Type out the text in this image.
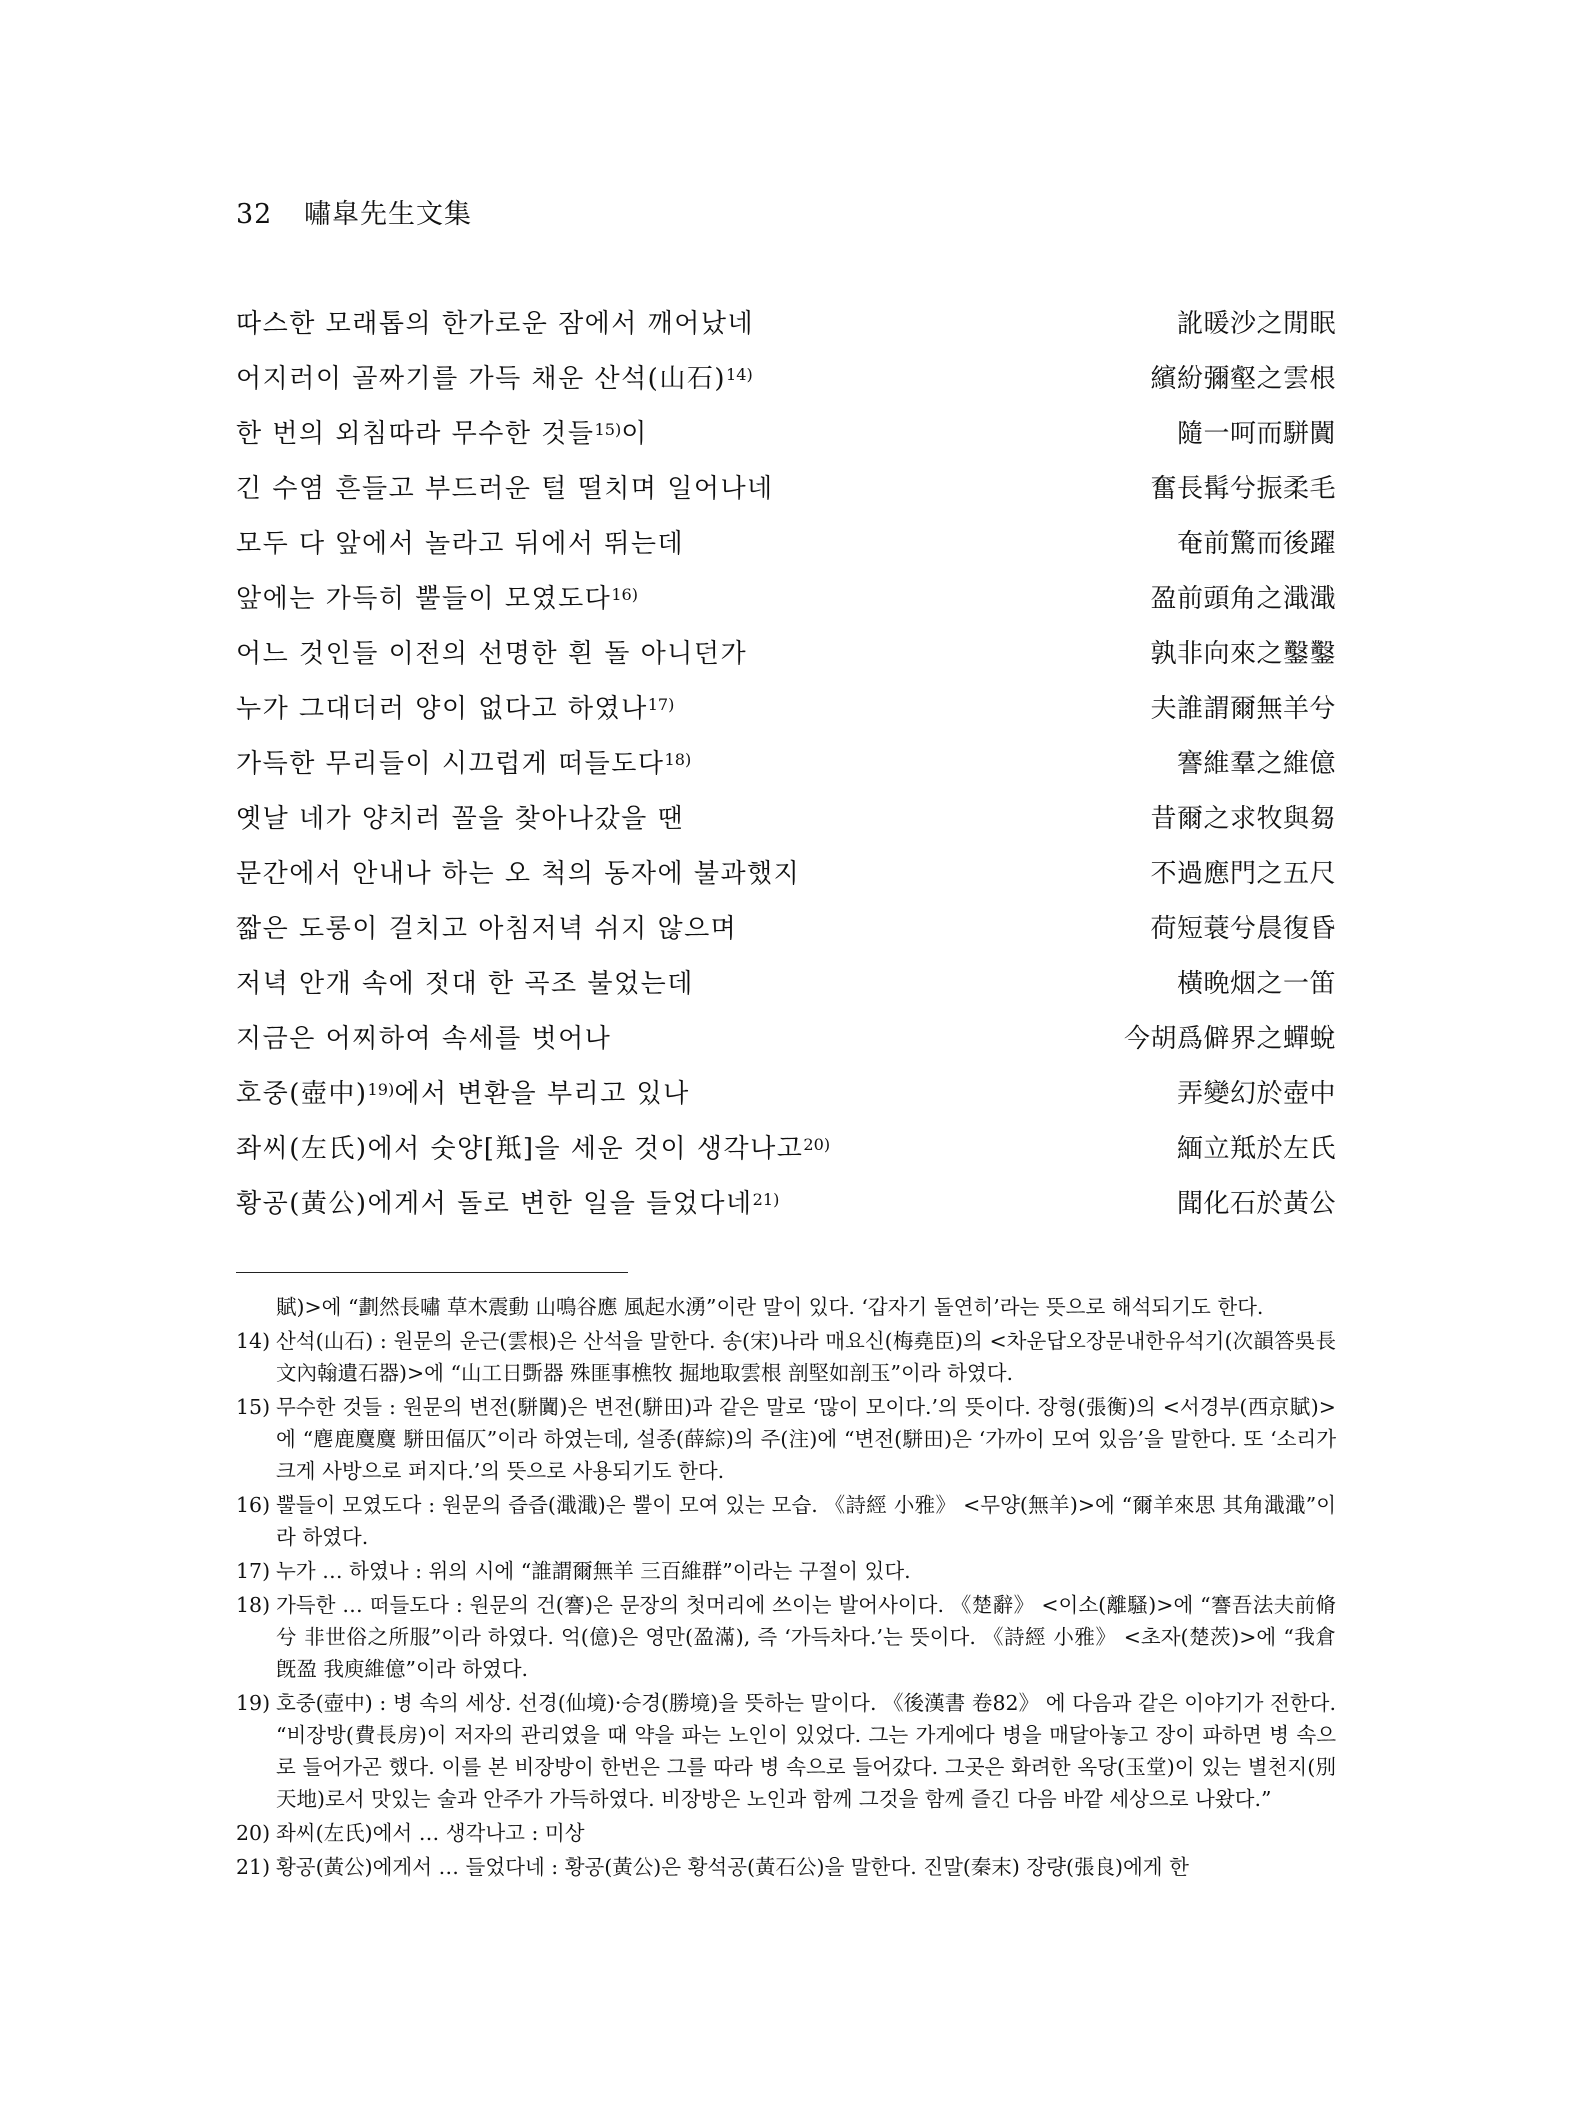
32 嘯皐先生文集
따스한 모래톱의 한가로운 잠에서 깨어났네	訛暖沙之閒眠
어지러이 골짜기를 가득 채운 산석(山石)$^{14)}$	繽紛彌壑之雲根
한 번의 외침따라 무수한 것들$^{15)}$이	隨一呵而駢闐
긴 수염 흔들고 부드러운 털 떨치며 일어나네	奮長髯兮振柔毛
모두 다 앞에서 놀라고 뒤에서 뛰는데	奄前驚而後躍
앞에는 가득히 뿔들이 모였도다$^{16)}$	盈前頭角之濈濈
어느 것인들 이전의 선명한 흰 돌 아니던가	孰非向來之鑿鑿
누가 그대더러 양이 없다고 하였나$^{17)}$	夫誰謂爾無羊兮
가득한 무리들이 시끄럽게 떠들도다$^{18)}$	謇維羣之維億
옛날 네가 양치러 꼴을 찾아나갔을 땐	昔爾之求牧與芻
문간에서 안내나 하는 오 척의 동자에 불과했지	不過應門之五尺
짧은 도롱이 걸치고 아침저녁 쉬지 않으며	荷短蓑兮晨復昏
저녁 안개 속에 젓대 한 곡조 불었는데	橫晩烟之一笛
지금은 어찌하여 속세를 벗어나	今胡爲僻界之蟬蛻
호중(壺中)$^{19)}$에서 변환을 부리고 있나	弄變幻於壺中
좌씨(左氏)에서 숫양[羝]을 세운 것이 생각나고$^{20)}$	緬立羝於左氏
황공(黃公)에게서 돌로 변한 일을 들었다네$^{21)}$	聞化石於黃公
賦)>에 “劃然長嘯 草木震動 山鳴谷應 風起水湧”이란 말이 있다. ‘갑자기 돌연히’라는 뜻으로 해석되기도 한다.
14) 산석(山石) : 원문의 운근(雲根)은 산석을 말한다. 송(宋)나라 매요신(梅堯臣)의 <차운답오장문내한유석기(次韻答吳長文內翰遺石器)>에 “山工日斲器 殊匪事樵牧 掘地取雲根 剖堅如剖玉”이라 하였다.
15) 무수한 것들 : 원문의 변전(駢闐)은 변전(駢田)과 같은 말로 ‘많이 모이다.’의 뜻이다. 장형(張衡)의 <서경부(西京賦)>에 “麀鹿麌麌 駢田偪仄”이라 하였는데, 설종(薛綜)의 주(注)에 “변전(駢田)은 ‘가까이 모여 있음’을 말한다. 또 ‘소리가 크게 사방으로 퍼지다.’의 뜻으로 사용되기도 한다.
16) 뿔들이 모였도다 : 원문의 즙즙(濈濈)은 뿔이 모여 있는 모습. 《詩經 小雅》 <무양(無羊)>에 “爾羊來思 其角濈濈”이라 하였다.
17) 누가 … 하였나 : 위의 시에 “誰謂爾無羊 三百維群”이라는 구절이 있다.
18) 가득한 … 떠들도다 : 원문의 건(謇)은 문장의 첫머리에 쓰이는 발어사이다. 《楚辭》 <이소(離騷)>에 “謇吾法夫前脩兮 非世俗之所服”이라 하였다. 억(億)은 영만(盈滿), 즉 ‘가득차다.’는 뜻이다. 《詩經 小雅》 <초자(楚茨)>에 “我倉旣盈 我庾維億”이라 하였다.
19) 호중(壺中) : 병 속의 세상. 선경(仙境)·승경(勝境)을 뜻하는 말이다. 《後漢書 卷82》 에 다음과 같은 이야기가 전한다. “비장방(費長房)이 저자의 관리였을 때 약을 파는 노인이 있었다. 그는 가게에다 병을 매달아놓고 장이 파하면 병 속으로 들어가곤 했다. 이를 본 비장방이 한번은 그를 따라 병 속으로 들어갔다. 그곳은 화려한 옥당(玉堂)이 있는 별천지(別天地)로서 맛있는 술과 안주가 가득하였다. 비장방은 노인과 함께 그것을 함께 즐긴 다음 바깥 세상으로 나왔다.”
20) 좌씨(左氏)에서 … 생각나고 : 미상
21) 황공(黃公)에게서 … 들었다네 : 황공(黃公)은 황석공(黃石公)을 말한다. 진말(秦末) 장량(張良)에게 한
